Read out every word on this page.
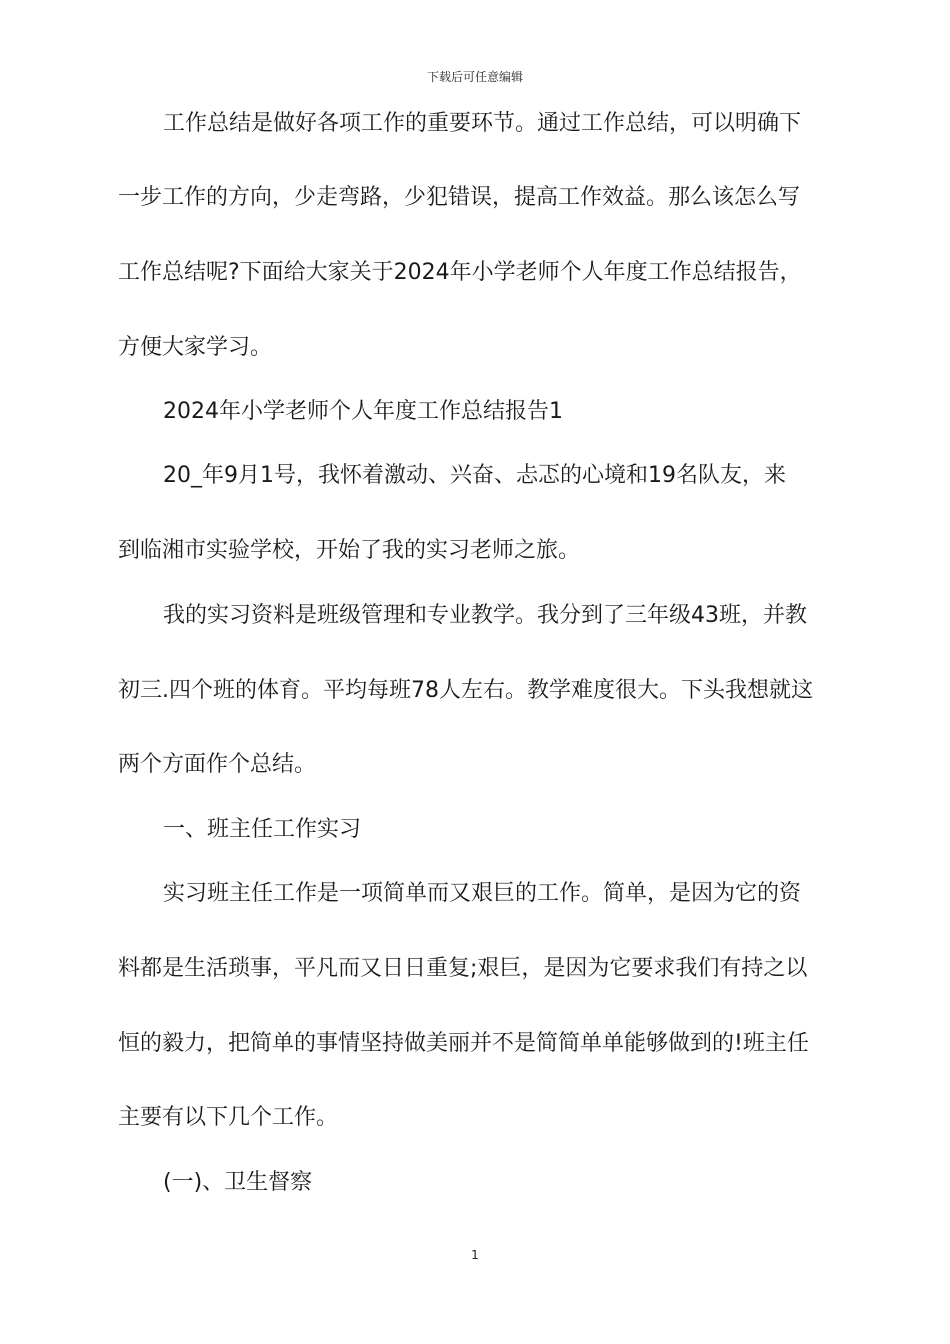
下载后可任意编辑
工作总结是做好各项工作的重要环节。通过工作总结，可以明确下
一步工作的方向，少走弯路，少犯错误，提高工作效益。那么该怎么写
工作总结呢?下面给大家关于2024年小学老师个人年度工作总结报告，
方便大家学习。
2024年小学老师个人年度工作总结报告1
20_年9月1号，我怀着激动、兴奋、忐忑的心境和19名队友，来
到临湘市实验学校，开始了我的实习老师之旅。
我的实习资料是班级管理和专业教学。我分到了三年级43班，并教
初三.四个班的体育。平均每班78人左右。教学难度很大。下头我想就这
两个方面作个总结。
一、班主任工作实习
实习班主任工作是一项简单而又艰巨的工作。简单，是因为它的资
料都是生活琐事，平凡而又日日重复;艰巨，是因为它要求我们有持之以
恒的毅力，把简单的事情坚持做美丽并不是简简单单能够做到的!班主任
主要有以下几个工作。
(一)、卫生督察
1
